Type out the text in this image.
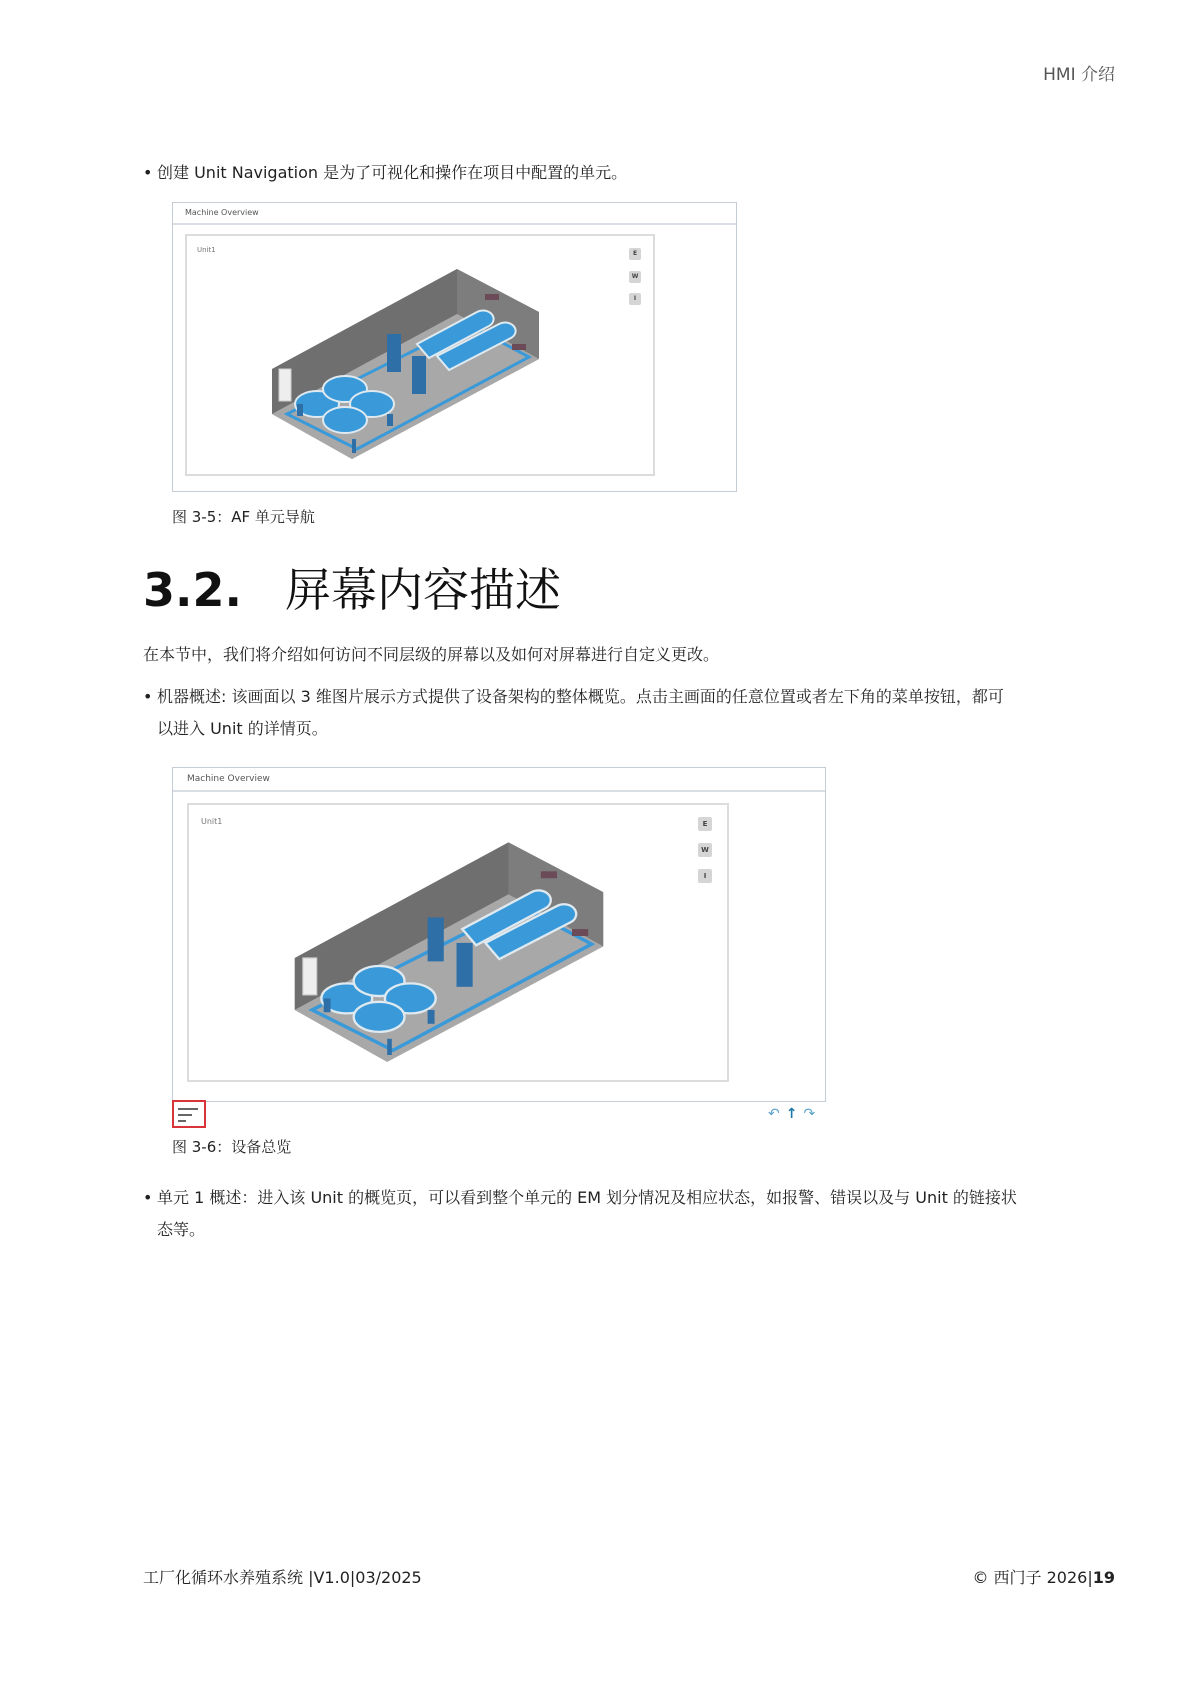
HMI 介绍
• 创建 Unit Navigation 是为了可视化和操作在项目中配置的单元。
Machine Overview
Unit1	E
W
I
图 3-5：AF 单元导航
3.2. 屏幕内容描述
在本节中，我们将介绍如何访问不同层级的屏幕以及如何对屏幕进行自定义更改。
• 机器概述: 该画面以 3 维图片展示方式提供了设备架构的整体概览。点击主画面的任意位置或者左下角的菜单按钮，都可
以进入 Unit 的详情页。
Machine Overview
Unit1	E
W
I
↶↑↷
图 3-6：设备总览
• 单元 1 概述：进入该 Unit 的概览页，可以看到整个单元的 EM 划分情况及相应状态，如报警、错误以及与 Unit 的链接状
态等。
工厂化循环水养殖系统 |V1.0|03/2025	© 西门子 2026|19
